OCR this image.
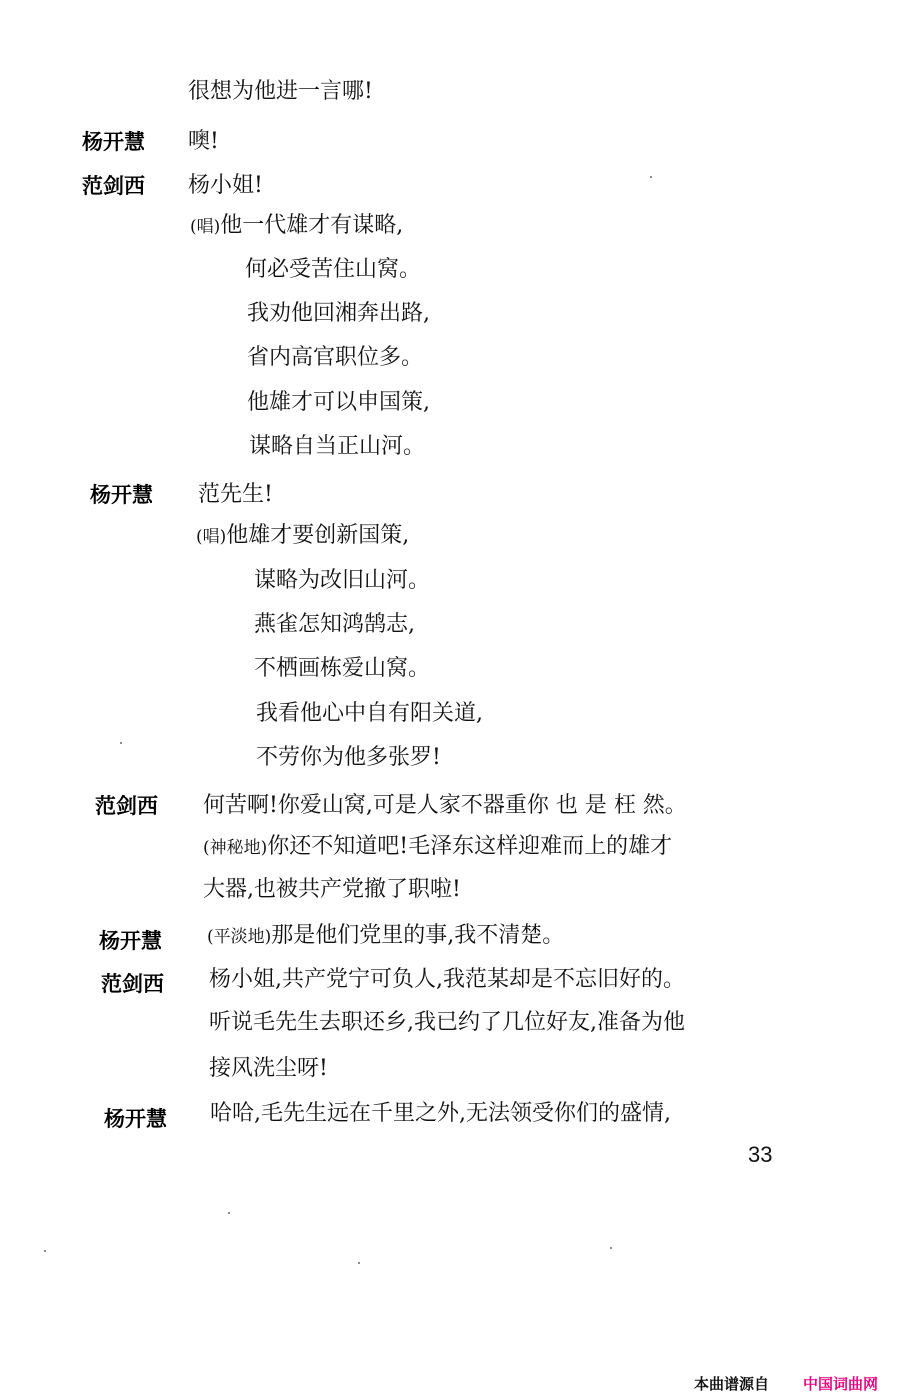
很想为他进一言哪!
杨开慧 噢!
范剑西 杨小姐!
(唱)他一代雄才有谋略,
何必受苦住山窝。
我劝他回湘奔出路,
省内高官职位多。
他雄才可以申国策,
谋略自当正山河。
杨开慧 范先生!
(唱)他雄才要创新国策,
谋略为改旧山河。
燕雀怎知鸿鹄志,
不栖画栋爱山窝。
我看他心中自有阳关道,
不劳你为他多张罗!
范剑西 何苦啊!你爱山窝,可是人家不器重你 也 是 枉 然。
(神秘地)你还不知道吧!毛泽东这样迎难而上的雄才
大器,也被共产党撤了职啦!
杨开慧	(平淡地)那是他们党里的事,我不清楚。
范剑西 杨小姐,共产党宁可负人,我范某却是不忘旧好的。
听说毛先生去职还乡,我已约了几位好友,准备为他
接风洗尘呀!
杨开慧 哈哈,毛先生远在千里之外,无法领受你们的盛情,
33
本曲谱源自 中国词曲网
